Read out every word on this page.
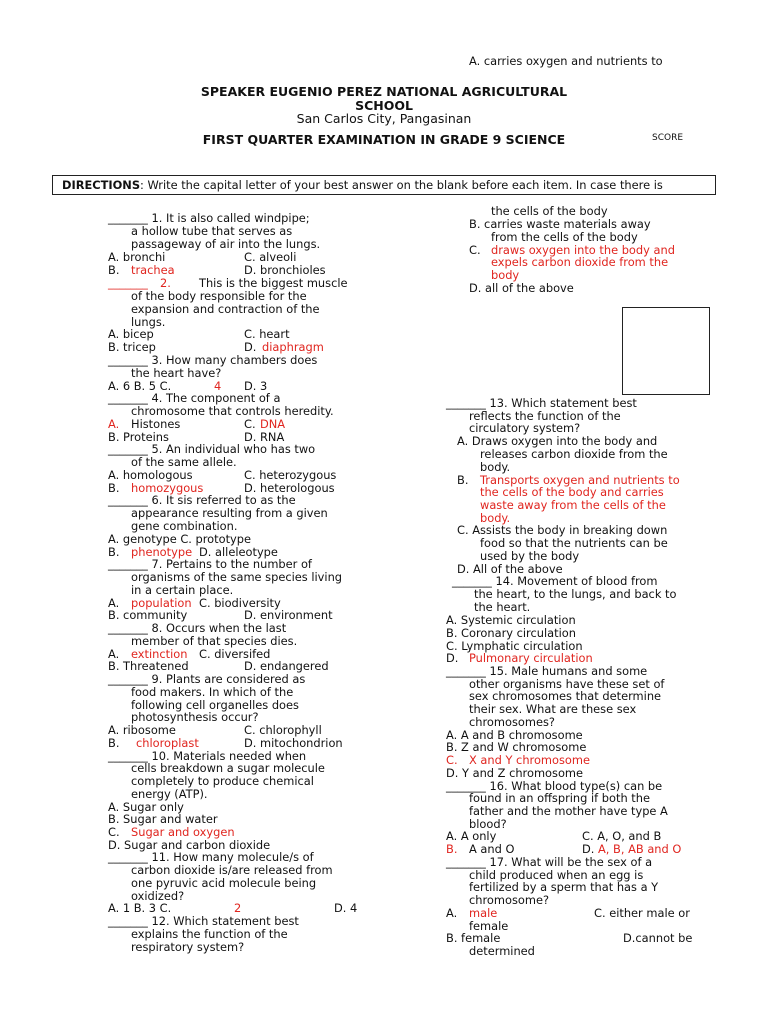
A. carries oxygen and nutrients to
SPEAKER EUGENIO PEREZ NATIONAL AGRICULTURAL
SCHOOL
San Carlos City, Pangasinan
FIRST QUARTER EXAMINATION IN GRADE 9 SCIENCE	SCORE
DIRECTIONS: Write the capital letter of your best answer on the blank before each item. In case there is
_______ 1. It is also called windpipe;
a hollow tube that serves as
passageway of air into the lungs.
A. bronchi	C. alveoli
B. trachea	D. bronchioles
_______ 2. This is the biggest muscle
of the body responsible for the
expansion and contraction of the
lungs.
A. bicep	C. heart
B. tricep	D. diaphragm
_______ 3. How many chambers does
the heart have?
A. 6 B. 5 C.	4 D. 3
_______ 4. The component of a
chromosome that controls heredity.
A. Histones	C. DNA
B. Proteins	D. RNA
_______ 5. An individual who has two
of the same allele.
A. homologous	C. heterozygous
B. homozygous	D. heterologous
_______ 6. It sis referred to as the
appearance resulting from a given
gene combination.
A. genotype C. prototype
B. phenotype D. alleleotype
_______ 7. Pertains to the number of
organisms of the same species living
in a certain place.
A. population C. biodiversity
B. community	D. environment
_______ 8. Occurs when the last
member of that species dies.
A. extinction C. diversifed
B. Threatened	D. endangered
_______ 9. Plants are considered as
food makers. In which of the
following cell organelles does
photosynthesis occur?
A. ribosome	C. chlorophyll
B. chloroplast	D. mitochondrion
_______ 10. Materials needed when
cells breakdown a sugar molecule
completely to produce chemical
energy (ATP).
A. Sugar only
B. Sugar and water
C. Sugar and oxygen
D. Sugar and carbon dioxide
_______ 11. How many molecule/s of
carbon dioxide is/are released from
one pyruvic acid molecule being
oxidized?
A. 1 B. 3 C.	2	D. 4
_______ 12. Which statement best
explains the function of the
respiratory system?
the cells of the body
B. carries waste materials away
from the cells of the body
C. draws oxygen into the body and
expels carbon dioxide from the
body
D. all of the above
_______ 13. Which statement best
reflects the function of the
circulatory system?
A. Draws oxygen into the body and
releases carbon dioxide from the
body.
B. Transports oxygen and nutrients to
the cells of the body and carries
waste away from the cells of the
body.
C. Assists the body in breaking down
food so that the nutrients can be
used by the body
D. All of the above
_______ 14. Movement of blood from
the heart, to the lungs, and back to
the heart.
A. Systemic circulation
B. Coronary circulation
C. Lymphatic circulation
D. Pulmonary circulation
_______ 15. Male humans and some
other organisms have these set of
sex chromosomes that determine
their sex. What are these sex
chromosomes?
A. A and B chromosome
B. Z and W chromosome
C. X and Y chromosome
D. Y and Z chromosome
_______ 16. What blood type(s) can be
found in an offspring if both the
father and the mother have type A
blood?
A. A only	C. A, O, and B
B. A and O	D. A, B, AB and O
_______ 17. What will be the sex of a
child produced when an egg is
fertilized by a sperm that has a Y
chromosome?
A. male	C. either male or
female
B. female	D.cannot be
determined
